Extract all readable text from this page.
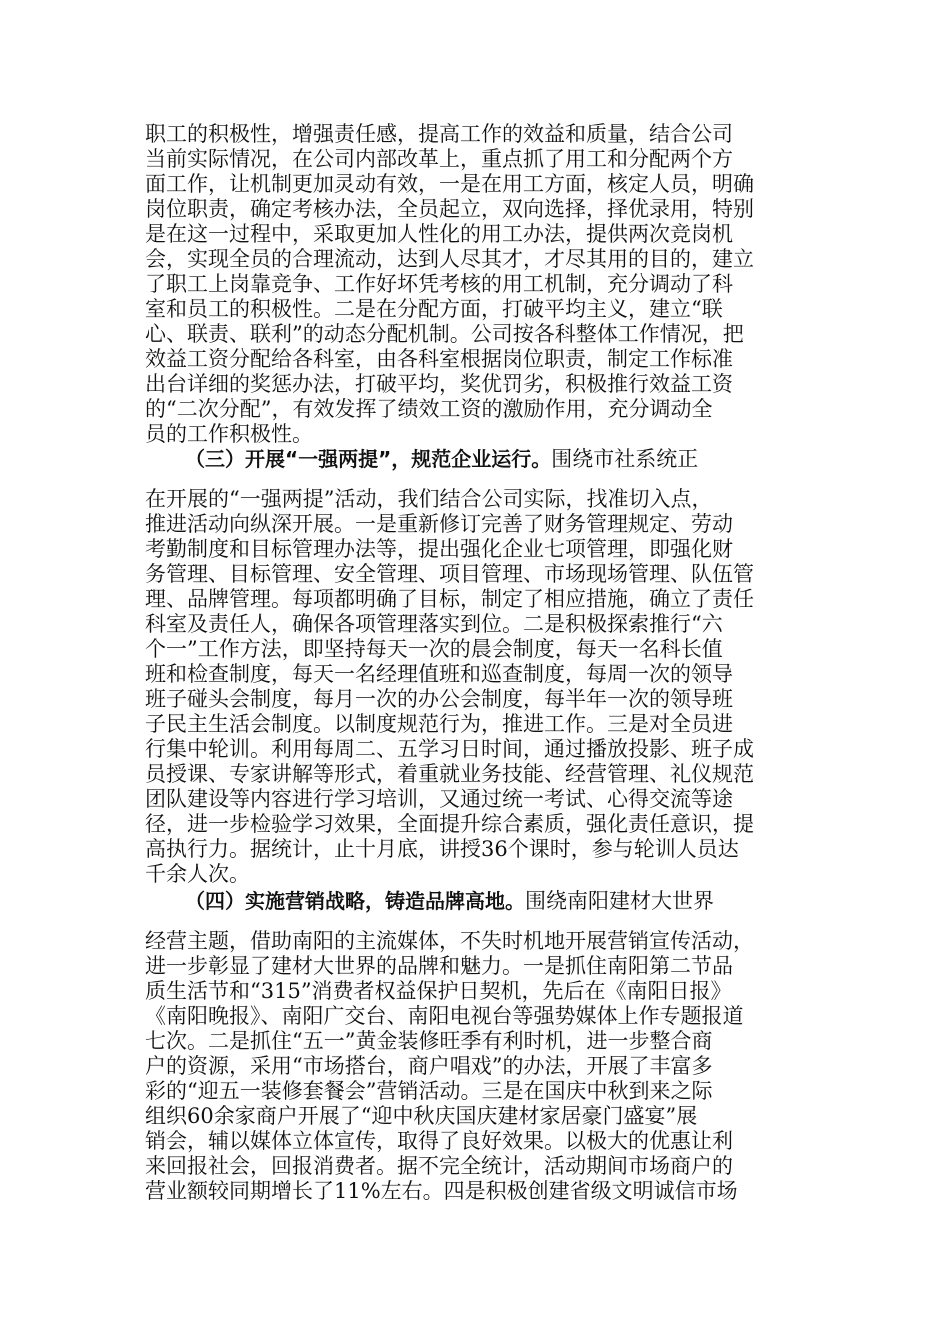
职工的积极性，增强责任感，提高工作的效益和质量，结合公司
当前实际情况，在公司内部改革上，重点抓了用工和分配两个方
面工作，让机制更加灵动有效，一是在用工方面，核定人员，明确
岗位职责，确定考核办法，全员起立，双向选择，择优录用，特别
是在这一过程中，采取更加人性化的用工办法，提供两次竞岗机
会，实现全员的合理流动，达到人尽其才，才尽其用的目的，建立
了职工上岗靠竞争、工作好坏凭考核的用工机制，充分调动了科
室和员工的积极性。二是在分配方面，打破平均主义，建立“联
心、联责、联利”的动态分配机制。公司按各科整体工作情况，把
效益工资分配给各科室，由各科室根据岗位职责，制定工作标准
出台详细的奖惩办法，打破平均，奖优罚劣，积极推行效益工资
的“二次分配”，有效发挥了绩效工资的激励作用，充分调动全
员的工作积极性。
（三）开展“一强两提”，规范企业运行。围绕市社系统正
在开展的“一强两提”活动，我们结合公司实际，找准切入点，
推进活动向纵深开展。一是重新修订完善了财务管理规定、劳动
考勤制度和目标管理办法等，提出强化企业七项管理，即强化财
务管理、目标管理、安全管理、项目管理、市场现场管理、队伍管
理、品牌管理。每项都明确了目标，制定了相应措施，确立了责任
科室及责任人，确保各项管理落实到位。二是积极探索推行“六
个一”工作方法，即坚持每天一次的晨会制度，每天一名科长值
班和检查制度，每天一名经理值班和巡查制度，每周一次的领导
班子碰头会制度，每月一次的办公会制度，每半年一次的领导班
子民主生活会制度。以制度规范行为，推进工作。三是对全员进
行集中轮训。利用每周二、五学习日时间，通过播放投影、班子成
员授课、专家讲解等形式，着重就业务技能、经营管理、礼仪规范
团队建设等内容进行学习培训，又通过统一考试、心得交流等途
径，进一步检验学习效果，全面提升综合素质，强化责任意识，提
高执行力。据统计，止十月底，讲授36个课时，参与轮训人员达
千余人次。
（四）实施营销战略，铸造品牌高地。围绕南阳建材大世界
经营主题，借助南阳的主流媒体，不失时机地开展营销宣传活动，
进一步彰显了建材大世界的品牌和魅力。一是抓住南阳第二节品
质生活节和“315”消费者权益保护日契机，先后在《南阳日报》
《南阳晚报》、南阳广交台、南阳电视台等强势媒体上作专题报道
七次。二是抓住“五一”黄金装修旺季有利时机，进一步整合商
户的资源，采用“市场搭台，商户唱戏”的办法，开展了丰富多
彩的“迎五一装修套餐会”营销活动。三是在国庆中秋到来之际
组织60余家商户开展了“迎中秋庆国庆建材家居豪门盛宴”展
销会，辅以媒体立体宣传，取得了良好效果。以极大的优惠让利
来回报社会，回报消费者。据不完全统计，活动期间市场商户的
营业额较同期增长了11%左右。四是积极创建省级文明诚信市场
